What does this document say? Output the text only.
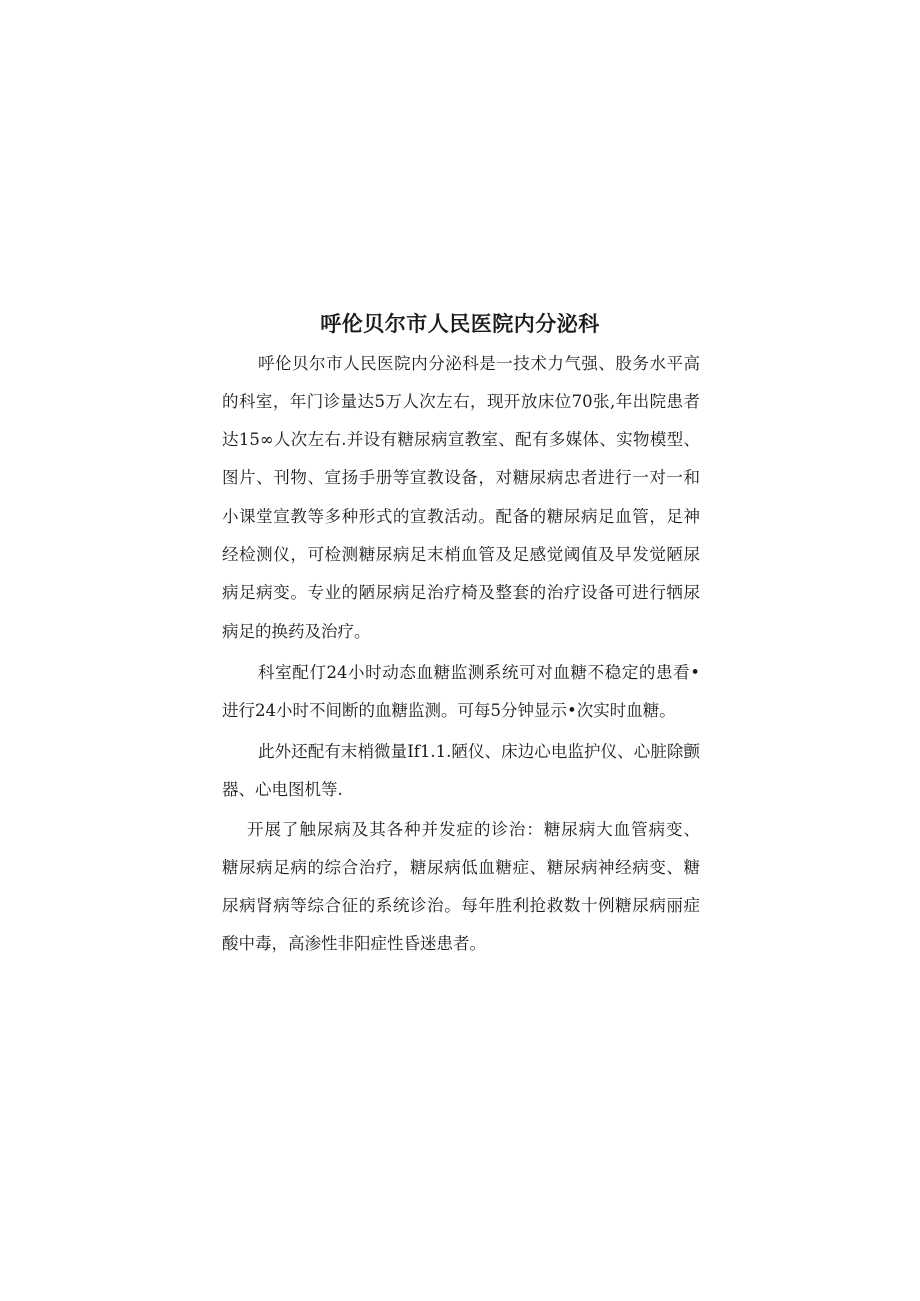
呼伦贝尔市人民医院内分泌科
呼伦贝尔市人民医院内分泌科是一技术力气强、股务水平高
的科室，年门诊量达5万人次左右，现开放床位70张,年出院患者
达15∞人次左右.并设有糖尿病宣教室、配有多媒体、实物模型、
图片、刊物、宣扬手册等宣教设备，对糖尿病忠者进行一对一和
小课堂宣教等多种形式的宣教活动。配备的糖尿病足血管，足神
经检测仪，可检测糖尿病足末梢血管及足感觉阈值及早发觉陋尿
病足病变。专业的陋尿病足治疗椅及整套的治疗设备可进行牺尿
病足的换药及治疗。
科室配仃24小时动态血糖监测系统可对血糖不稳定的患看•
进行24小时不间断的血糖监测。可每5分钟显示•次实时血糖。
此外还配有末梢微量If1.1.陋仪、床边心电监护仪、心脏除颤
器、心电图机等.
开展了触尿病及其各种并发症的诊治：糖尿病大血管病变、
糖尿病足病的综合治疗，糖尿病低血糖症、糖尿病神经病变、糖
尿病肾病等综合征的系统诊治。每年胜利抢救数十例糖尿病丽症
酸中毒，高渗性非阳症性昏迷患者。
